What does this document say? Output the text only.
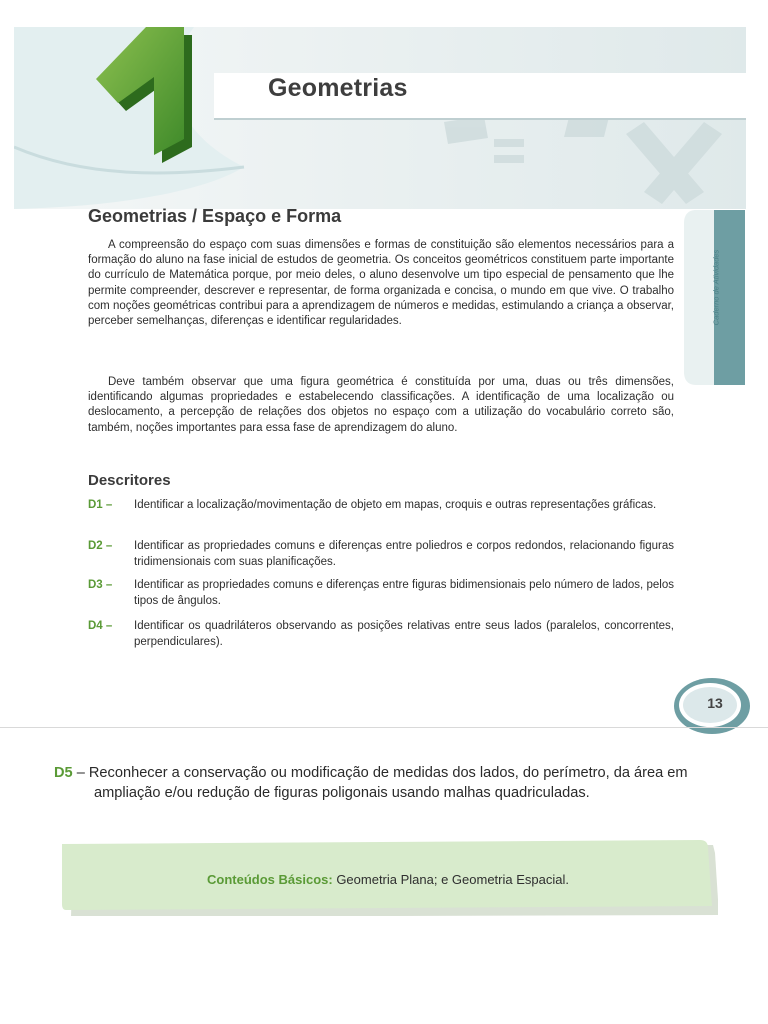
Geometrias
Caderno de Atividades
Geometrias / Espaço e Forma

A compreensão do espaço com suas dimensões e formas de constituição são elementos necessários para a formação do aluno na fase inicial de estudos de geometria. Os conceitos geométricos constituem parte importante do currículo de Matemática porque, por meio deles, o aluno desenvolve um tipo especial de pensamento que lhe permite compreender, descrever e representar, de forma organizada e concisa, o mundo em que vive. O trabalho com noções geométricas contribui para a aprendizagem de números e medidas, estimulando a criança a observar, perceber semelhanças, diferenças e identificar regularidades.

Deve também observar que uma figura geométrica é constituída por uma, duas ou três dimensões, identificando algumas propriedades e estabelecendo classificações. A identificação de uma localização ou deslocamento, a percepção de relações dos objetos no espaço com a utilização do vocabulário correto são, também, noções importantes para essa fase de aprendizagem do aluno.

Descritores
D1 –	Identificar a localização/movimentação de objeto em mapas, croquis e outras representações gráficas.
D2 –	Identificar as propriedades comuns e diferenças entre poliedros e corpos redondos, relacionando figuras tridimensionais com suas planificações.
D3 –	Identificar as propriedades comuns e diferenças entre figuras bidimensionais pelo número de lados, pelos tipos de ângulos.
D4 –	Identificar os quadriláteros observando as posições relativas entre seus lados (paralelos, concorrentes, perpendiculares).
13

D5 – Reconhecer a conservação ou modificação de medidas dos lados, do perímetro, da área em ampliação e/ou redução de figuras poligonais usando malhas quadriculadas.

Conteúdos Básicos: Geometria Plana; e Geometria Espacial.
